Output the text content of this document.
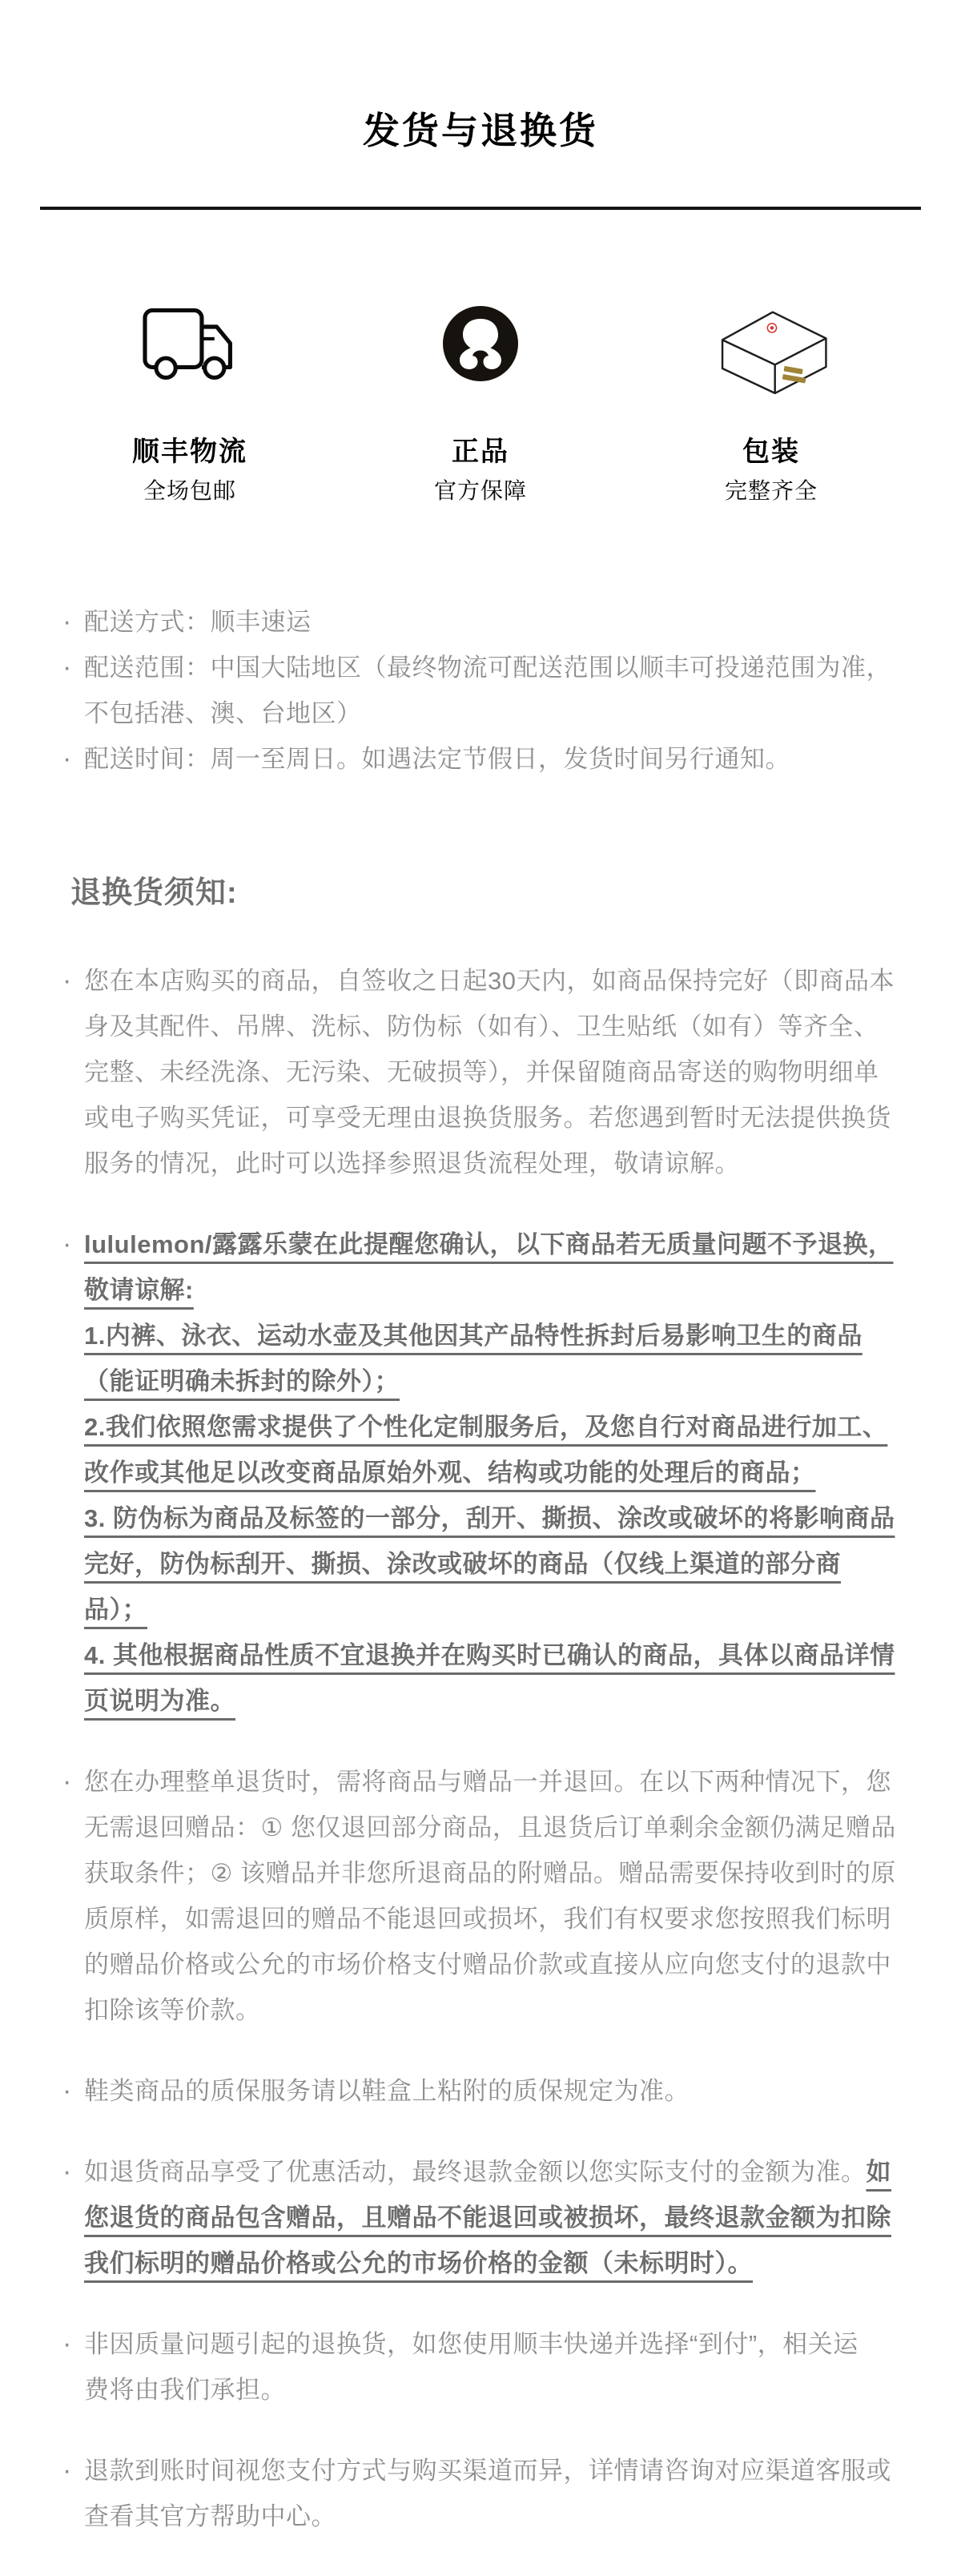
发货与退换货
顺丰物流
全场包邮
正品
官方保障
包装
完整齐全
· 配送方式：顺丰速运
· 配送范围：中国大陆地区（最终物流可配送范围以顺丰可投递范围为准，
不包括港、澳、台地区）
· 配送时间：周一至周日。如遇法定节假日，发货时间另行通知。
退换货须知:
· 您在本店购买的商品，自签收之日起30天内，如商品保持完好（即商品本
身及其配件、吊牌、洗标、防伪标（如有）、卫生贴纸（如有）等齐全、
完整、未经洗涤、无污染、无破损等），并保留随商品寄送的购物明细单
或电子购买凭证，可享受无理由退换货服务。若您遇到暂时无法提供换货
服务的情况，此时可以选择参照退货流程处理，敬请谅解。
· lululemon/露露乐蒙在此提醒您确认，以下商品若无质量问题不予退换，
敬请谅解:
1.内裤、泳衣、运动水壶及其他因其产品特性拆封后易影响卫生的商品
（能证明确未拆封的除外）；
2.我们依照您需求提供了个性化定制服务后，及您自行对商品进行加工、
改作或其他足以改变商品原始外观、结构或功能的处理后的商品；
3. 防伪标为商品及标签的一部分，刮开、撕损、涂改或破坏的将影响商品
完好，防伪标刮开、撕损、涂改或破坏的商品（仅线上渠道的部分商
品）；
4. 其他根据商品性质不宜退换并在购买时已确认的商品，具体以商品详情
页说明为准。
· 您在办理整单退货时，需将商品与赠品一并退回。在以下两种情况下，您
无需退回赠品：① 您仅退回部分商品，且退货后订单剩余金额仍满足赠品
获取条件；② 该赠品并非您所退商品的附赠品。赠品需要保持收到时的原
质原样，如需退回的赠品不能退回或损坏，我们有权要求您按照我们标明
的赠品价格或公允的市场价格支付赠品价款或直接从应向您支付的退款中
扣除该等价款。
· 鞋类商品的质保服务请以鞋盒上粘附的质保规定为准。
· 如退货商品享受了优惠活动，最终退款金额以您实际支付的金额为准。如
您退货的商品包含赠品，且赠品不能退回或被损坏，最终退款金额为扣除
我们标明的赠品价格或公允的市场价格的金额（未标明时）。
· 非因质量问题引起的退换货，如您使用顺丰快递并选择“到付”，相关运
费将由我们承担。
· 退款到账时间视您支付方式与购买渠道而异，详情请咨询对应渠道客服或
查看其官方帮助中心。
